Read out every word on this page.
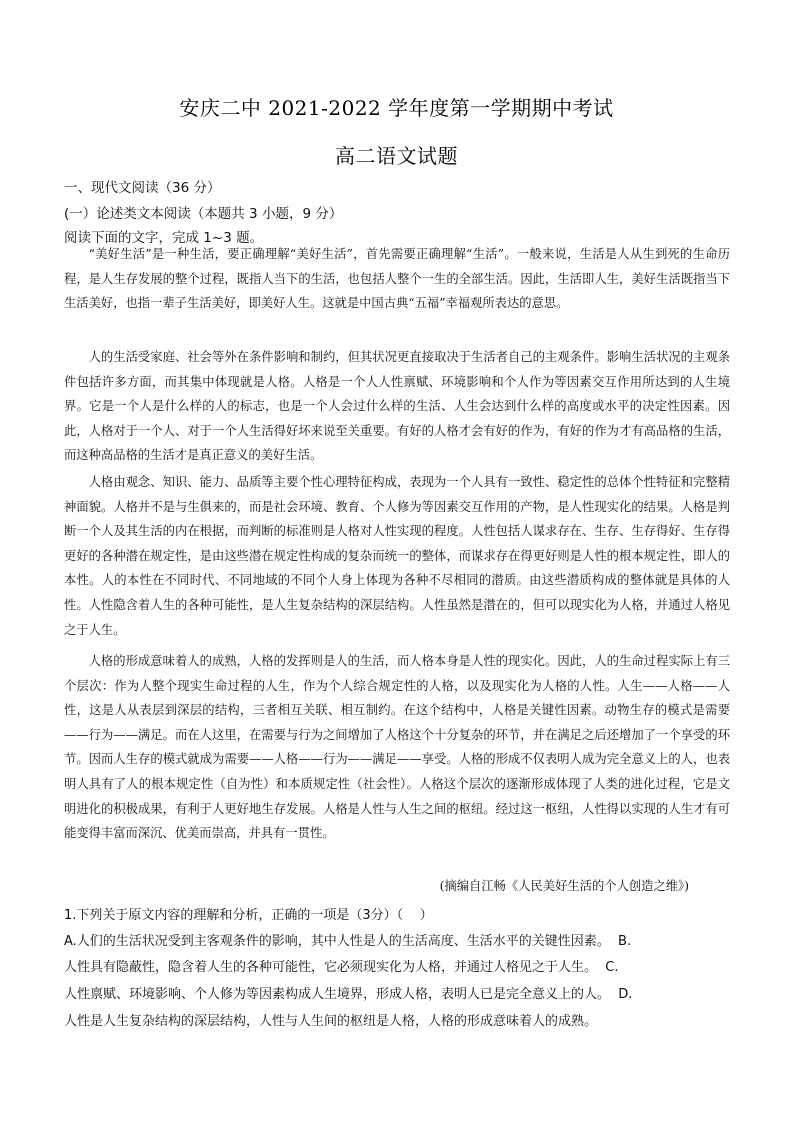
安庆二中 2021-2022 学年度第一学期期中考试
高二语文试题
一、现代文阅读（36 分）
(一）论述类文本阅读（本题共 3 小题，9 分）
阅读下面的文字，完成 1~3 题。

“美好生活”是一种生活，要正确理解“美好生活”，首先需要正确理解“生活”。一般来说，生活是人从生到死的生命历程，是人生存发展的整个过程，既指人当下的生活，也包括人整个一生的全部生活。因此，生活即人生，美好生活既指当下生活美好，也指一辈子生活美好，即美好人生。这就是中国古典“五福”幸福观所表达的意思。

人的生活受家庭、社会等外在条件影响和制约，但其状况更直接取决于生活者自己的主观条件。影响生活状况的主观条件包括许多方面，而其集中体现就是人格。人格是一个人人性禀赋、环境影响和个人作为等因素交互作用所达到的人生境界。它是一个人是什么样的人的标志，也是一个人会过什么样的生活、人生会达到什么样的高度或水平的决定性因素。因此，人格对于一个人、对于一个人生活得好坏来说至关重要。有好的人格才会有好的作为，有好的作为才有高品格的生活，而这种高品格的生活才是真正意义的美好生活。

人格由观念、知识、能力、品质等主要个性心理特征构成，表现为一个人具有一致性、稳定性的总体个性特征和完整精神面貌。人格并不是与生俱来的，而是社会环境、教育、个人修为等因素交互作用的产物，是人性现实化的结果。人格是判断一个人及其生活的内在根据，而判断的标准则是人格对人性实现的程度。人性包括人谋求存在、生存、生存得好、生存得更好的各种潜在规定性，是由这些潜在规定性构成的复杂而统一的整体，而谋求存在得更好则是人性的根本规定性，即人的本性。人的本性在不同时代、不同地域的不同个人身上体现为各种不尽相同的潜质。由这些潜质构成的整体就是具体的人性。人性隐含着人生的各种可能性，是人生复杂结构的深层结构。人性虽然是潜在的，但可以现实化为人格，并通过人格见之于人生。

人格的形成意味着人的成熟，人格的发挥则是人的生活，而人格本身是人性的现实化。因此，人的生命过程实际上有三个层次：作为人整个现实生命过程的人生，作为个人综合规定性的人格，以及现实化为人格的人性。人生——人格——人性，这是人从表层到深层的结构，三者相互关联、相互制约。在这个结构中，人格是关键性因素。动物生存的模式是需要——行为——满足。而在人这里，在需要与行为之间增加了人格这个十分复杂的环节，并在满足之后还增加了一个享受的环节。因而人生存的模式就成为需要——人格——行为——满足——享受。人格的形成不仅表明人成为完全意义上的人，也表明人具有了人的根本规定性（自为性）和本质规定性（社会性）。人格这个层次的逐渐形成体现了人类的进化过程，它是文明进化的积极成果，有利于人更好地生存发展。人格是人性与人生之间的枢纽。经过这一枢纽，人性得以实现的人生才有可能变得丰富而深沉、优美而崇高，并具有一贯性。

(摘编自江畅《人民美好生活的个人创造之维》)
1.下列关于原文内容的理解和分析，正确的一项是（3分）（    ）
A.人们的生活状况受到主客观条件的影响，其中人性是人的生活高度、生活水平的关键性因素。  B.
人性具有隐蔽性，隐含着人生的各种可能性，它必须现实化为人格，并通过人格见之于人生。  C.
人性禀赋、环境影响、个人修为等因素构成人生境界，形成人格，表明人已是完全意义上的人。  D.
人性是人生复杂结构的深层结构，人性与人生间的枢纽是人格，人格的形成意味着人的成熟。
